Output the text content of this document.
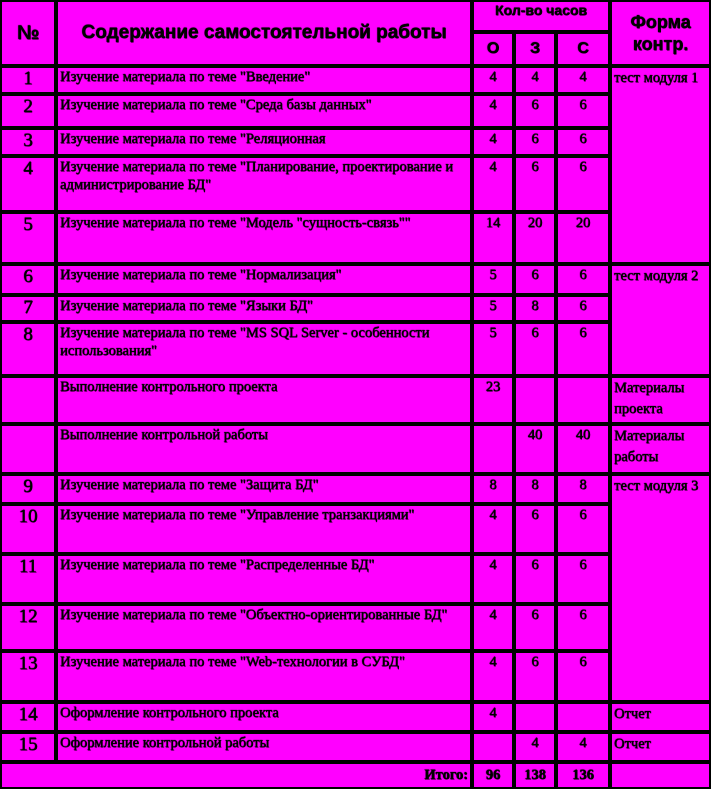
№	Содержание самостоятельной работы	Кол-во часов			Форма контр.
		О	З	С	
1	Изучение материала по теме "Введение"	4	4	4	тест модуля 1
2	Изучение материала по теме "Среда базы данных"	4	6	6	
3	Изучение материала по теме "Реляционная	4	6	6	
4	Изучение материала по теме "Планирование, проектирование и администрирование БД"	4	6	6	
5	Изучение материала по теме "Модель "сущность-связь""	14	20	20	
6	Изучение материала по теме "Нормализация"	5	6	6	тест модуля 2
7	Изучение материала по теме "Языки БД"	5	8	6	
8	Изучение материала по теме "MS SQL Server - особенности использования"	5	6	6	
	Выполнение контрольного проекта	23			Материалы проекта
	Выполнение контрольной работы		40	40	Материалы работы
9	Изучение материала по теме "Защита БД"	8	8	8	тест модуля 3
10	Изучение материала по теме "Управление транзакциями"	4	6	6	
11	Изучение материала по теме "Распределенные БД"	4	6	6	
12	Изучение материала по теме "Объектно-ориентированные БД"	4	6	6	
13	Изучение материала по теме "Web-технологии в СУБД"	4	6	6	
14	Оформление контрольного проекта	4			Отчет
15	Оформление контрольной работы		4	4	Отчет
Итого:		96	138	136	
